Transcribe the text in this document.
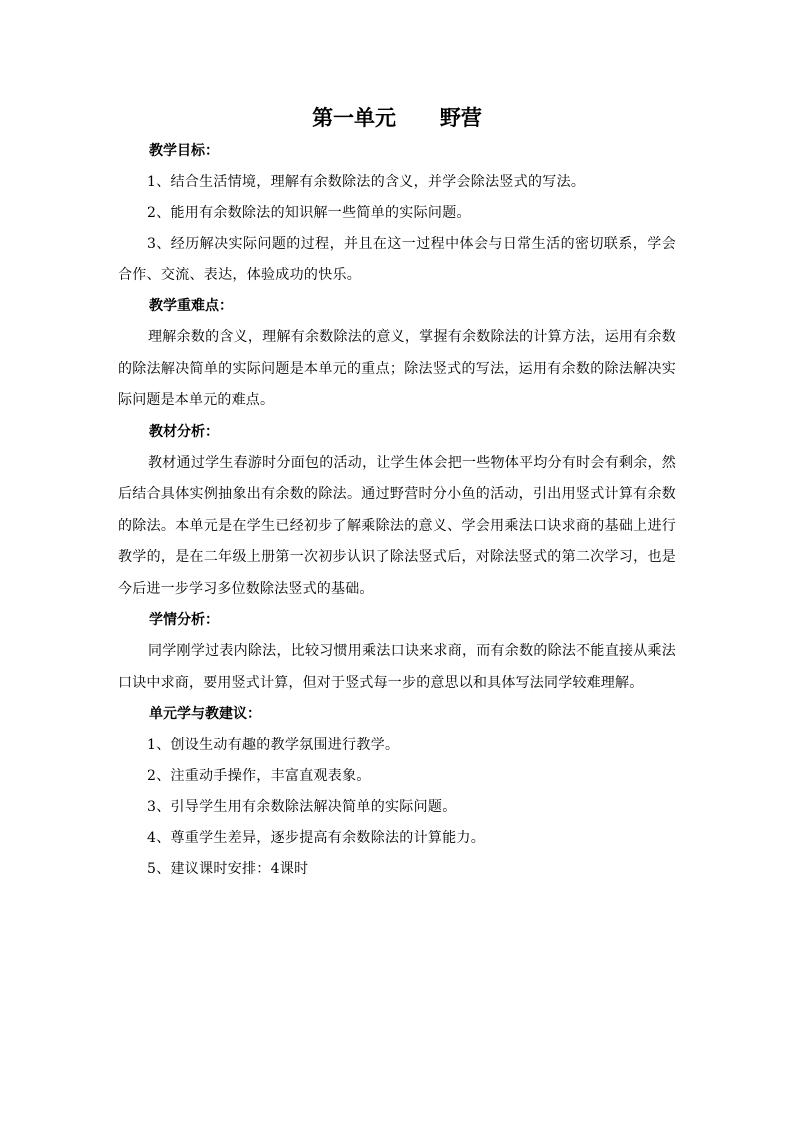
第一单元      野营

教学目标：

1、结合生活情境，理解有余数除法的含义，并学会除法竖式的写法。

2、能用有余数除法的知识解一些简单的实际问题。

3、经历解决实际问题的过程，并且在这一过程中体会与日常生活的密切联系，学会合作、交流、表达，体验成功的快乐。

教学重难点：

理解余数的含义，理解有余数除法的意义，掌握有余数除法的计算方法，运用有余数的除法解决简单的实际问题是本单元的重点；除法竖式的写法，运用有余数的除法解决实际问题是本单元的难点。

教材分析：

教材通过学生春游时分面包的活动，让学生体会把一些物体平均分有时会有剩余，然后结合具体实例抽象出有余数的除法。通过野营时分小鱼的活动，引出用竖式计算有余数的除法。本单元是在学生已经初步了解乘除法的意义、学会用乘法口诀求商的基础上进行教学的，是在二年级上册第一次初步认识了除法竖式后，对除法竖式的第二次学习，也是今后进一步学习多位数除法竖式的基础。

学情分析：

同学刚学过表内除法，比较习惯用乘法口诀来求商，而有余数的除法不能直接从乘法口诀中求商，要用竖式计算，但对于竖式每一步的意思以和具体写法同学较难理解。

单元学与教建议：

1、创设生动有趣的教学氛围进行教学。

2、注重动手操作，丰富直观表象。

3、引导学生用有余数除法解决简单的实际问题。

4、尊重学生差异，逐步提高有余数除法的计算能力。

5、建议课时安排：4课时
